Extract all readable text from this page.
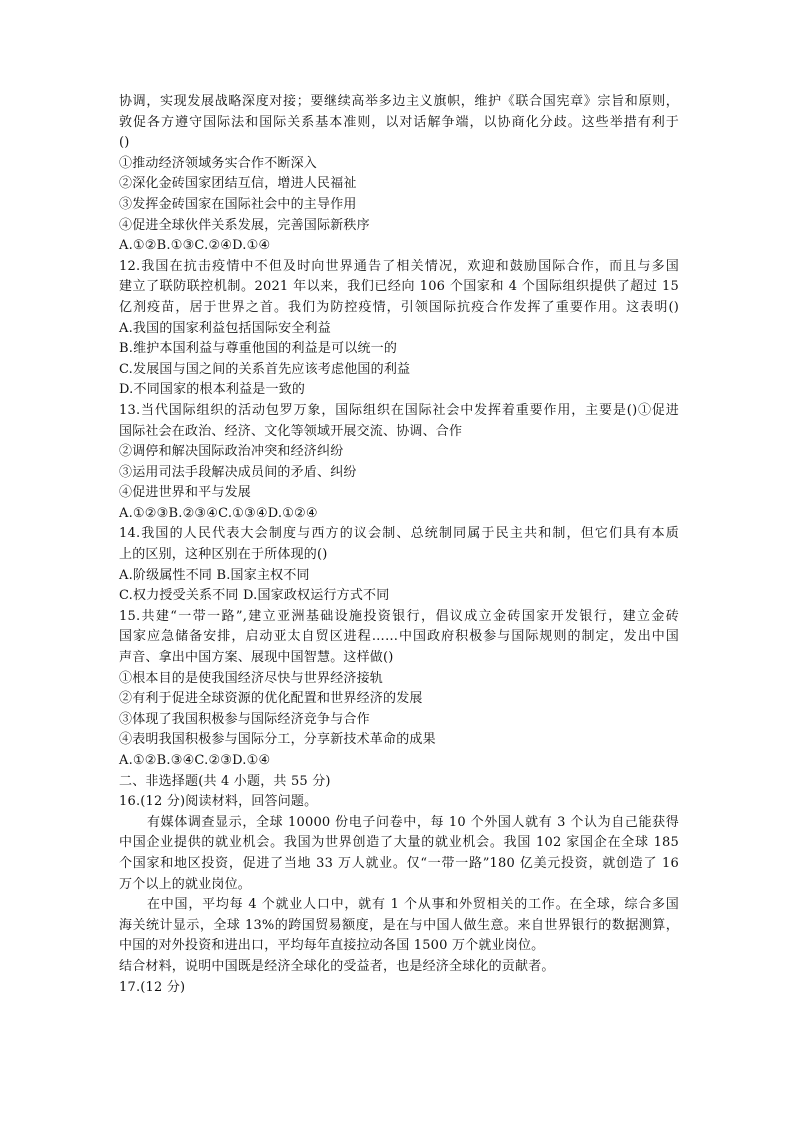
协调，实现发展战略深度对接；要继续高举多边主义旗帜，维护《联合国宪章》宗旨和原则，
敦促各方遵守国际法和国际关系基本准则，以对话解争端，以协商化分歧。这些举措有利于
()
①推动经济领域务实合作不断深入
②深化金砖国家团结互信，增进人民福祉
③发挥金砖国家在国际社会中的主导作用
④促进全球伙伴关系发展，完善国际新秩序
A.①②B.①③C.②④D.①④
12.我国在抗击疫情中不但及时向世界通告了相关情况，欢迎和鼓励国际合作，而且与多国
建立了联防联控机制。2021 年以来，我们已经向 106 个国家和 4 个国际组织提供了超过 15
亿剂疫苗，居于世界之首。我们为防控疫情，引领国际抗疫合作发挥了重要作用。这表明()
A.我国的国家利益包括国际安全利益
B.维护本国利益与尊重他国的利益是可以统一的
C.发展国与国之间的关系首先应该考虑他国的利益
D.不同国家的根本利益是一致的
13.当代国际组织的活动包罗万象，国际组织在国际社会中发挥着重要作用，主要是()①促进
国际社会在政治、经济、文化等领域开展交流、协调、合作
②调停和解决国际政治冲突和经济纠纷
③运用司法手段解决成员间的矛盾、纠纷
④促进世界和平与发展
A.①②③B.②③④C.①③④D.①②④
14.我国的人民代表大会制度与西方的议会制、总统制同属于民主共和制，但它们具有本质
上的区别，这种区别在于所体现的()
A.阶级属性不同 B.国家主权不同
C.权力授受关系不同 D.国家政权运行方式不同
15.共建“一带一路”,建立亚洲基础设施投资银行，倡议成立金砖国家开发银行，建立金砖
国家应急储备安排，启动亚太自贸区进程……中国政府积极参与国际规则的制定，发出中国
声音、拿出中国方案、展现中国智慧。这样做()
①根本目的是使我国经济尽快与世界经济接轨
②有利于促进全球资源的优化配置和世界经济的发展
③体现了我国积极参与国际经济竞争与合作
④表明我国积极参与国际分工，分享新技术革命的成果
A.①②B.③④C.②③D.①④
二、非选择题(共 4 小题，共 55 分)
16.(12 分)阅读材料，回答问题。
有媒体调查显示，全球 10000 份电子问卷中，每 10 个外国人就有 3 个认为自己能获得
中国企业提供的就业机会。我国为世界创造了大量的就业机会。我国 102 家国企在全球 185
个国家和地区投资，促进了当地 33 万人就业。仅“一带一路”180 亿美元投资，就创造了 16
万个以上的就业岗位。
在中国，平均每 4 个就业人口中，就有 1 个从事和外贸相关的工作。在全球，综合多国
海关统计显示，全球 13%的跨国贸易额度，是在与中国人做生意。来自世界银行的数据测算，
中国的对外投资和进出口，平均每年直接拉动各国 1500 万个就业岗位。
结合材料，说明中国既是经济全球化的受益者，也是经济全球化的贡献者。
17.(12 分)
